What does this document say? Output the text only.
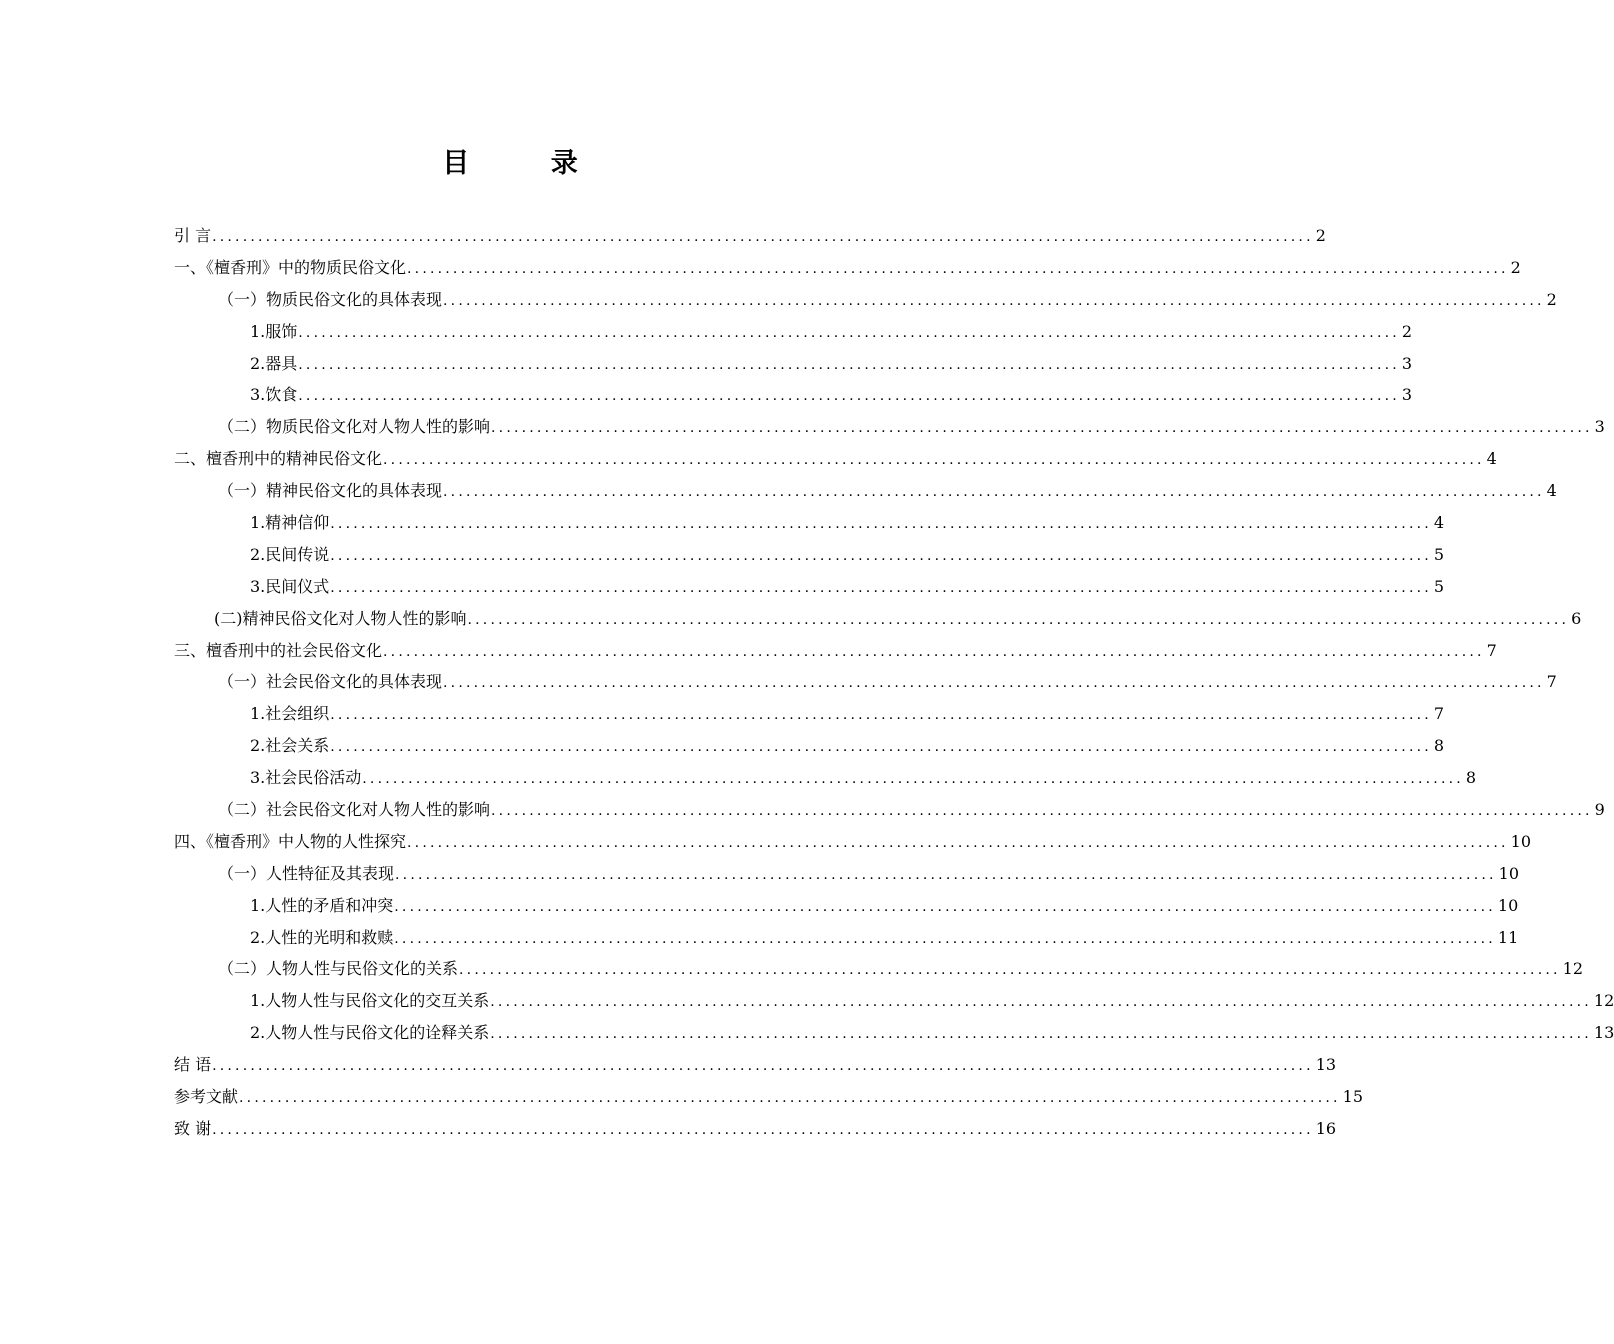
目 录
引 言 ................................................................................................................................................ 2
一、《檀香刑》中的物质民俗文化 ................................................................................................................................................ 2
（一）物质民俗文化的具体表现 ................................................................................................................................................ 2
1.服饰 ................................................................................................................................................ 2
2.器具 ................................................................................................................................................ 3
3.饮食 ................................................................................................................................................ 3
（二）物质民俗文化对人物人性的影响 ................................................................................................................................................ 3
二、檀香刑中的精神民俗文化 ................................................................................................................................................ 4
（一）精神民俗文化的具体表现 ................................................................................................................................................ 4
1.精神信仰 ................................................................................................................................................ 4
2.民间传说 ................................................................................................................................................ 5
3.民间仪式 ................................................................................................................................................ 5
(二)精神民俗文化对人物人性的影响 ................................................................................................................................................ 6
三、檀香刑中的社会民俗文化 ................................................................................................................................................ 7
（一）社会民俗文化的具体表现 ................................................................................................................................................ 7
1.社会组织 ................................................................................................................................................ 7
2.社会关系 ................................................................................................................................................ 8
3.社会民俗活动 ................................................................................................................................................ 8
（二）社会民俗文化对人物人性的影响 ................................................................................................................................................ 9
四、《檀香刑》中人物的人性探究 ................................................................................................................................................ 10
（一）人性特征及其表现 ................................................................................................................................................ 10
1.人性的矛盾和冲突 ................................................................................................................................................ 10
2.人性的光明和救赎 ................................................................................................................................................ 11
（二）人物人性与民俗文化的关系 ................................................................................................................................................ 12
1.人物人性与民俗文化的交互关系 ................................................................................................................................................ 12
2.人物人性与民俗文化的诠释关系 ................................................................................................................................................ 13
结 语 ................................................................................................................................................ 13
参考文献 ................................................................................................................................................ 15
致 谢 ................................................................................................................................................ 16
